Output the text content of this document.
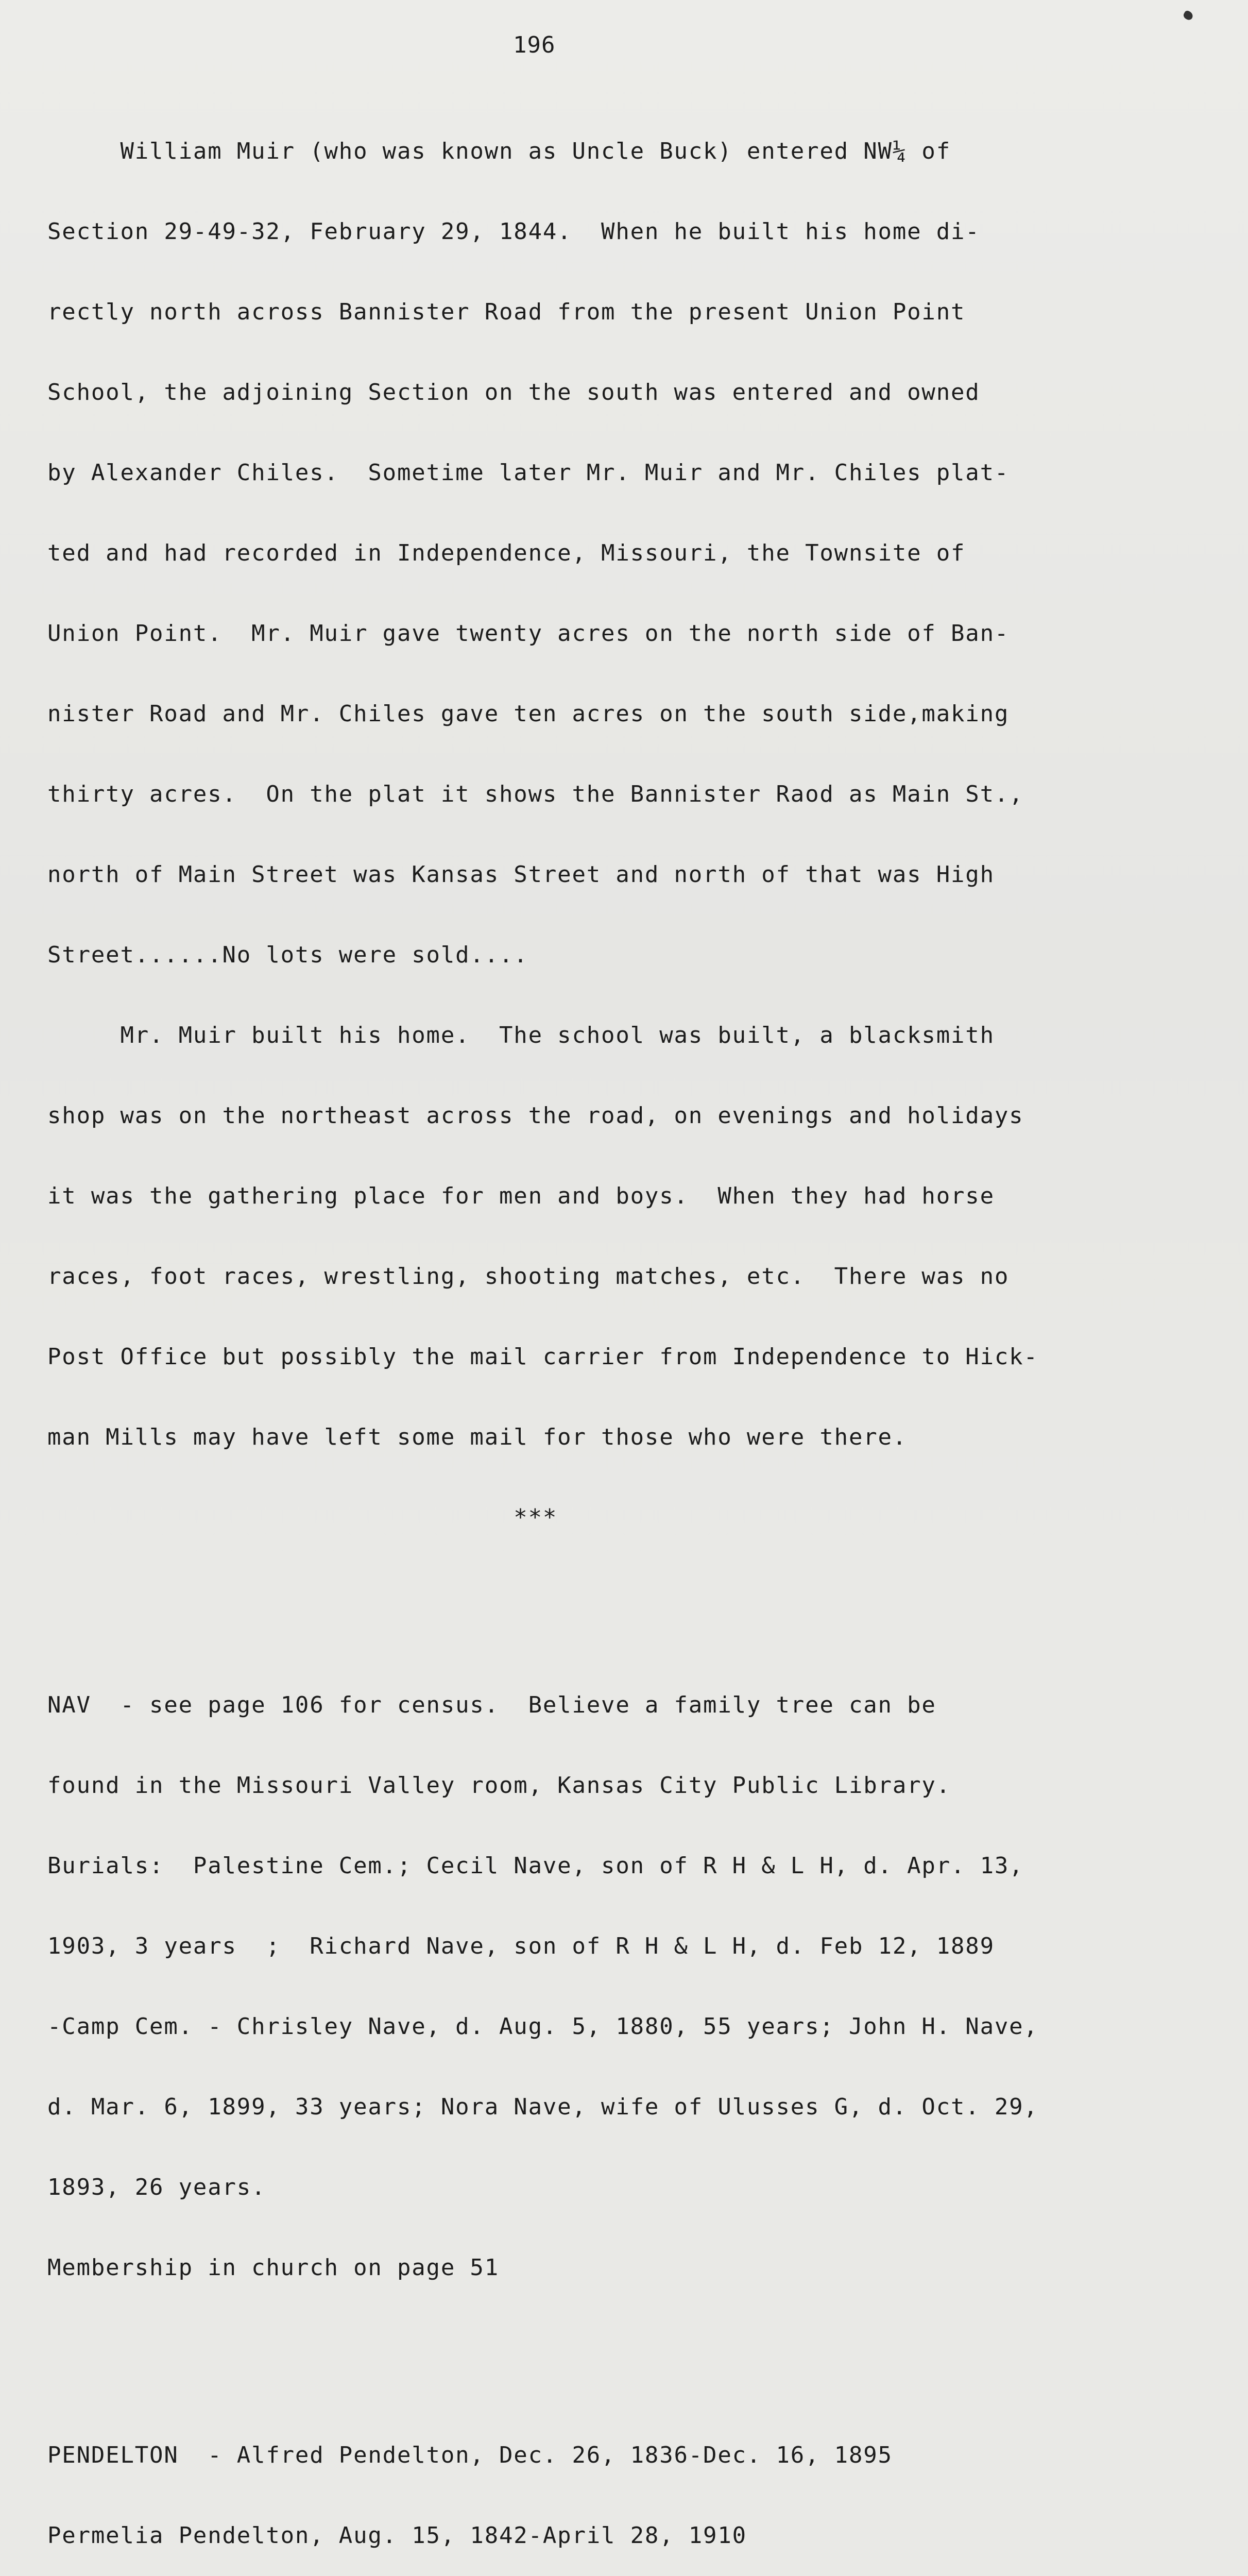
196

William Muir (who was known as Uncle Buck) entered NW¼ of

Section 29-49-32, February 29, 1844.  When he built his home di-

rectly north across Bannister Road from the present Union Point

School, the adjoining Section on the south was entered and owned

by Alexander Chiles.  Sometime later Mr. Muir and Mr. Chiles plat-

ted and had recorded in Independence, Missouri, the Townsite of

Union Point.  Mr. Muir gave twenty acres on the north side of Ban-

nister Road and Mr. Chiles gave ten acres on the south side,making

thirty acres.  On the plat it shows the Bannister Raod as Main St.,

north of Main Street was Kansas Street and north of that was High

Street......No lots were sold....

Mr. Muir built his home.  The school was built, a blacksmith

shop was on the northeast across the road, on evenings and holidays

it was the gathering place for men and boys.  When they had horse

races, foot races, wrestling, shooting matches, etc.  There was no

Post Office but possibly the mail carrier from Independence to Hick-

man Mills may have left some mail for those who were there.

***

NAV  - see page 106 for census.  Believe a family tree can be

found in the Missouri Valley room, Kansas City Public Library.

Burials:  Palestine Cem.; Cecil Nave, son of R H & L H, d. Apr. 13,

1903, 3 years  ;  Richard Nave, son of R H & L H, d. Feb 12, 1889

-Camp Cem. - Chrisley Nave, d. Aug. 5, 1880, 55 years; John H. Nave,

d. Mar. 6, 1899, 33 years; Nora Nave, wife of Ulusses G, d. Oct. 29,

1893, 26 years.

Membership in church on page 51

PENDELTON  - Alfred Pendelton, Dec. 26, 1836-Dec. 16, 1895

Permelia Pendelton, Aug. 15, 1842-April 28, 1910
